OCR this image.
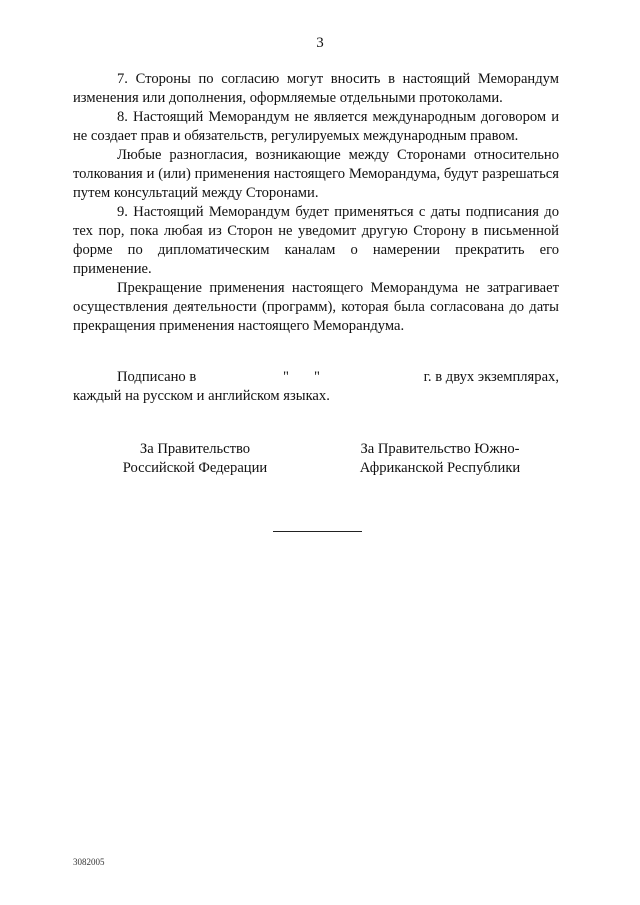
3

7. Стороны по согласию могут вносить в настоящий Меморандум изменения или дополнения, оформляемые отдельными протоколами.

8. Настоящий Меморандум не является международным договором и не создает прав и обязательств, регулируемых международным правом.

Любые разногласия, возникающие между Сторонами относительно толкования и (или) применения настоящего Меморандума, будут разрешаться путем консультаций между Сторонами.

9. Настоящий Меморандум будет применяться с даты подписания до тех пор, пока любая из Сторон не уведомит другую Сторону в письменной форме по дипломатическим каналам о намерении прекратить его применение.

Прекращение применения настоящего Меморандума не затрагивает осуществления деятельности (программ), которая была согласована до даты прекращения применения настоящего Меморандума.

Подписано в	" "	г. в двух экземплярах,
каждый на русском и английском языках.
За Правительство
Российской Федерации
За Правительство Южно-
Африканской Республики
3082005
